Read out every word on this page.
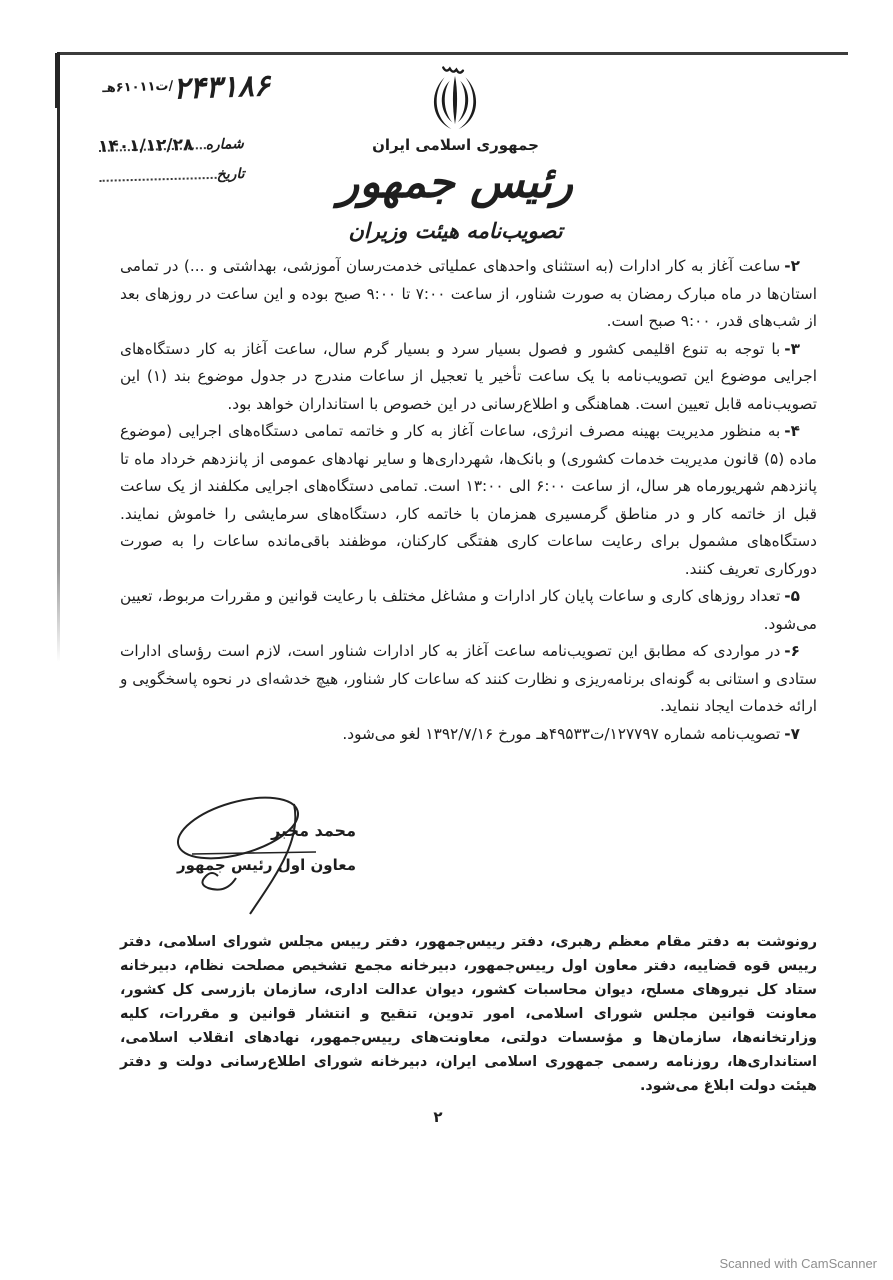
$۲۴۳۱۸۶^{/ت۶۱۰۱۱هـ}$
شماره
تاریخ
۱۴۰۱/۱۲/۲۸	جمهوری اسلامی ایران
رئیس جمهور
تصویب‌نامه هیئت وزیران

۲-ساعت آغاز به کار ادارات (به استثنای واحدهای عملیاتی خدمت‌رسان آموزشی، بهداشتی و ...) در تمامی استان‌ها در ماه مبارک رمضان به صورت شناور، از ساعت ۷:۰۰ تا ۹:۰۰ صبح بوده و این ساعت در روزهای بعد از شب‌های قدر، ۹:۰۰ صبح است.

۳-با توجه به تنوع اقلیمی کشور و فصول بسیار سرد و بسیار گرم سال، ساعت آغاز به کار دستگاه‌های اجرایی موضوع این تصویب‌نامه با یک ساعت تأخیر یا تعجیل از ساعات مندرج در جدول موضوع بند (۱) این تصویب‌نامه قابل تعیین است. هماهنگی و اطلاع‌رسانی در این خصوص با استانداران خواهد بود.

۴-به منظور مدیریت بهینه مصرف انرژی، ساعات آغاز به کار و خاتمه تمامی دستگاه‌های اجرایی (موضوع ماده (۵) قانون مدیریت خدمات کشوری) و بانک‌ها، شهرداری‌ها و سایر نهادهای عمومی از پانزدهم خرداد ماه تا پانزدهم شهریورماه هر سال، از ساعت ۶:۰۰ الی ۱۳:۰۰ است. تمامی دستگاه‌های اجرایی مکلفند از یک ساعت قبل از خاتمه کار و در مناطق گرمسیری همزمان با خاتمه کار، دستگاه‌های سرمایشی را خاموش نمایند. دستگاه‌های مشمول برای رعایت ساعات کاری هفتگی کارکنان، موظفند باقی‌مانده ساعات را به صورت دورکاری تعریف کنند.

۵-تعداد روزهای کاری و ساعات پایان کار ادارات و مشاغل مختلف با رعایت قوانین و مقررات مربوط، تعیین می‌شود.

۶-در مواردی که مطابق این تصویب‌نامه ساعت آغاز به کار ادارات شناور است، لازم است رؤسای ادارات ستادی و استانی به گونه‌ای برنامه‌ریزی و نظارت کنند که ساعات کار شناور، هیچ خدشه‌ای در نحوه پاسخگویی و ارائه خدمات ایجاد ننماید.

۷-تصویب‌نامه شماره ۱۲۷۷۹۷/ت۴۹۵۳۳هـ مورخ ۱۳۹۲/۷/۱۶ لغو می‌شود.

محمد مخبر
معاون اول رئیس جمهور
رونوشت به دفتر مقام معظم رهبری، دفتر رییس‌جمهور، دفتر رییس مجلس شورای اسلامی، دفتر رییس قوه قضاییه، دفتر معاون اول رییس‌جمهور، دبیرخانه مجمع تشخیص مصلحت نظام، دبیرخانه ستاد کل نیروهای مسلح، دیوان محاسبات کشور، دیوان عدالت اداری، سازمان بازرسی کل کشور، معاونت قوانین مجلس شورای اسلامی، امور تدوین، تنقیح و انتشار قوانین و مقررات، کلیه وزارتخانه‌ها، سازمان‌ها و مؤسسات دولتی، معاونت‌های رییس‌جمهور، نهادهای انقلاب اسلامی، استانداری‌ها، روزنامه رسمی جمهوری اسلامی ایران، دبیرخانه شورای اطلاع‌رسانی دولت و دفتر هیئت دولت ابلاغ می‌شود.
۲
Scanned with CamScanner
